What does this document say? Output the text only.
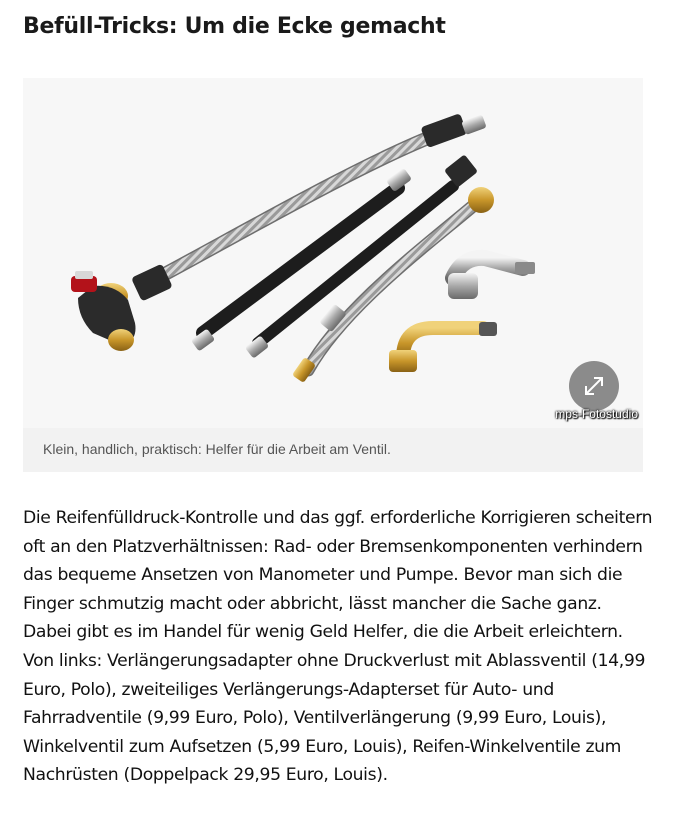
Befüll-Tricks: Um die Ecke gemacht
mps-Fotostudio
Klein, handlich, praktisch: Helfer für die Arbeit am Ventil.

Die Reifenfülldruck-Kontrolle und das ggf. erforderliche Korrigieren scheitern oft an den Platzverhältnissen: Rad- oder Bremsenkomponenten verhindern das bequeme Ansetzen von Manometer und Pumpe. Bevor man sich die Finger schmutzig macht oder abbricht, lässt mancher die Sache ganz. Dabei gibt es im Handel für wenig Geld Helfer, die die Arbeit erleichtern. Von links: Verlängerungsadapter ohne Druckverlust mit Ablassventil (14,99 Euro, Polo), zweiteiliges Verlängerungs-Adapterset für Auto- und Fahrradventile (9,99 Euro, Polo), Ventilverlängerung (9,99 Euro, Louis), Winkelventil zum Aufsetzen (5,99 Euro, Louis), Reifen-Winkelventile zum Nachrüsten (Doppelpack 29,95 Euro, Louis).
